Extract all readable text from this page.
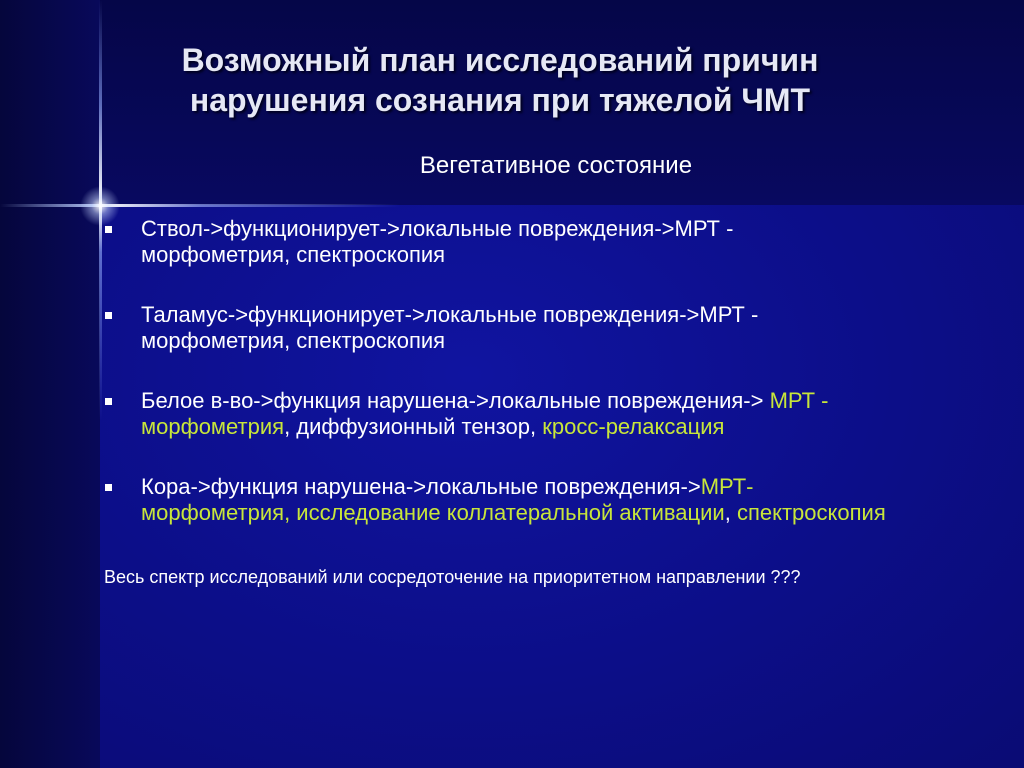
Возможный план исследований причин
нарушения сознания при тяжелой ЧМТ
Вегетативное состояние
Ствол->функционирует->локальные повреждения->МРТ -
морфометрия, спектроскопия
Таламус->функционирует->локальные повреждения->МРТ -
морфометрия, спектроскопия
Белое в-во->функция нарушена->локальные повреждения-> МРТ -
морфометрия, диффузионный тензор, кросс-релаксация
Кора->функция нарушена->локальные повреждения->МРТ-
морфометрия, исследование коллатеральной активации, спектроскопия
Весь спектр исследований или сосредоточение на приоритетном направлении ???
